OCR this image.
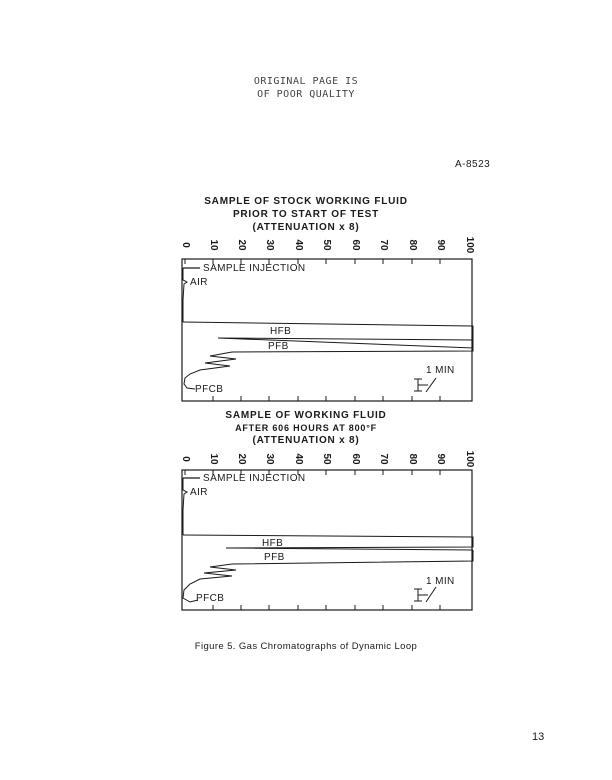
ORIGINAL PAGE IS
OF POOR QUALITY
A-8523
SAMPLE OF STOCK WORKING FLUID
PRIOR TO START OF TEST
(ATTENUATION x 8)
0 10 20 30 40 50 60 70 80 90 100
SAMPLE INJECTION
AIR
HFB
PFB
PFCB
1 MIN
SAMPLE OF WORKING FLUID
AFTER 606 HOURS AT 800°F
(ATTENUATION x 8)
0 10 20 30 40 50 60 70 80 90 100
SAMPLE INJECTION
AIR
HFB
PFB
PFCB
1 MIN
Figure 5. Gas Chromatographs of Dynamic Loop
13
